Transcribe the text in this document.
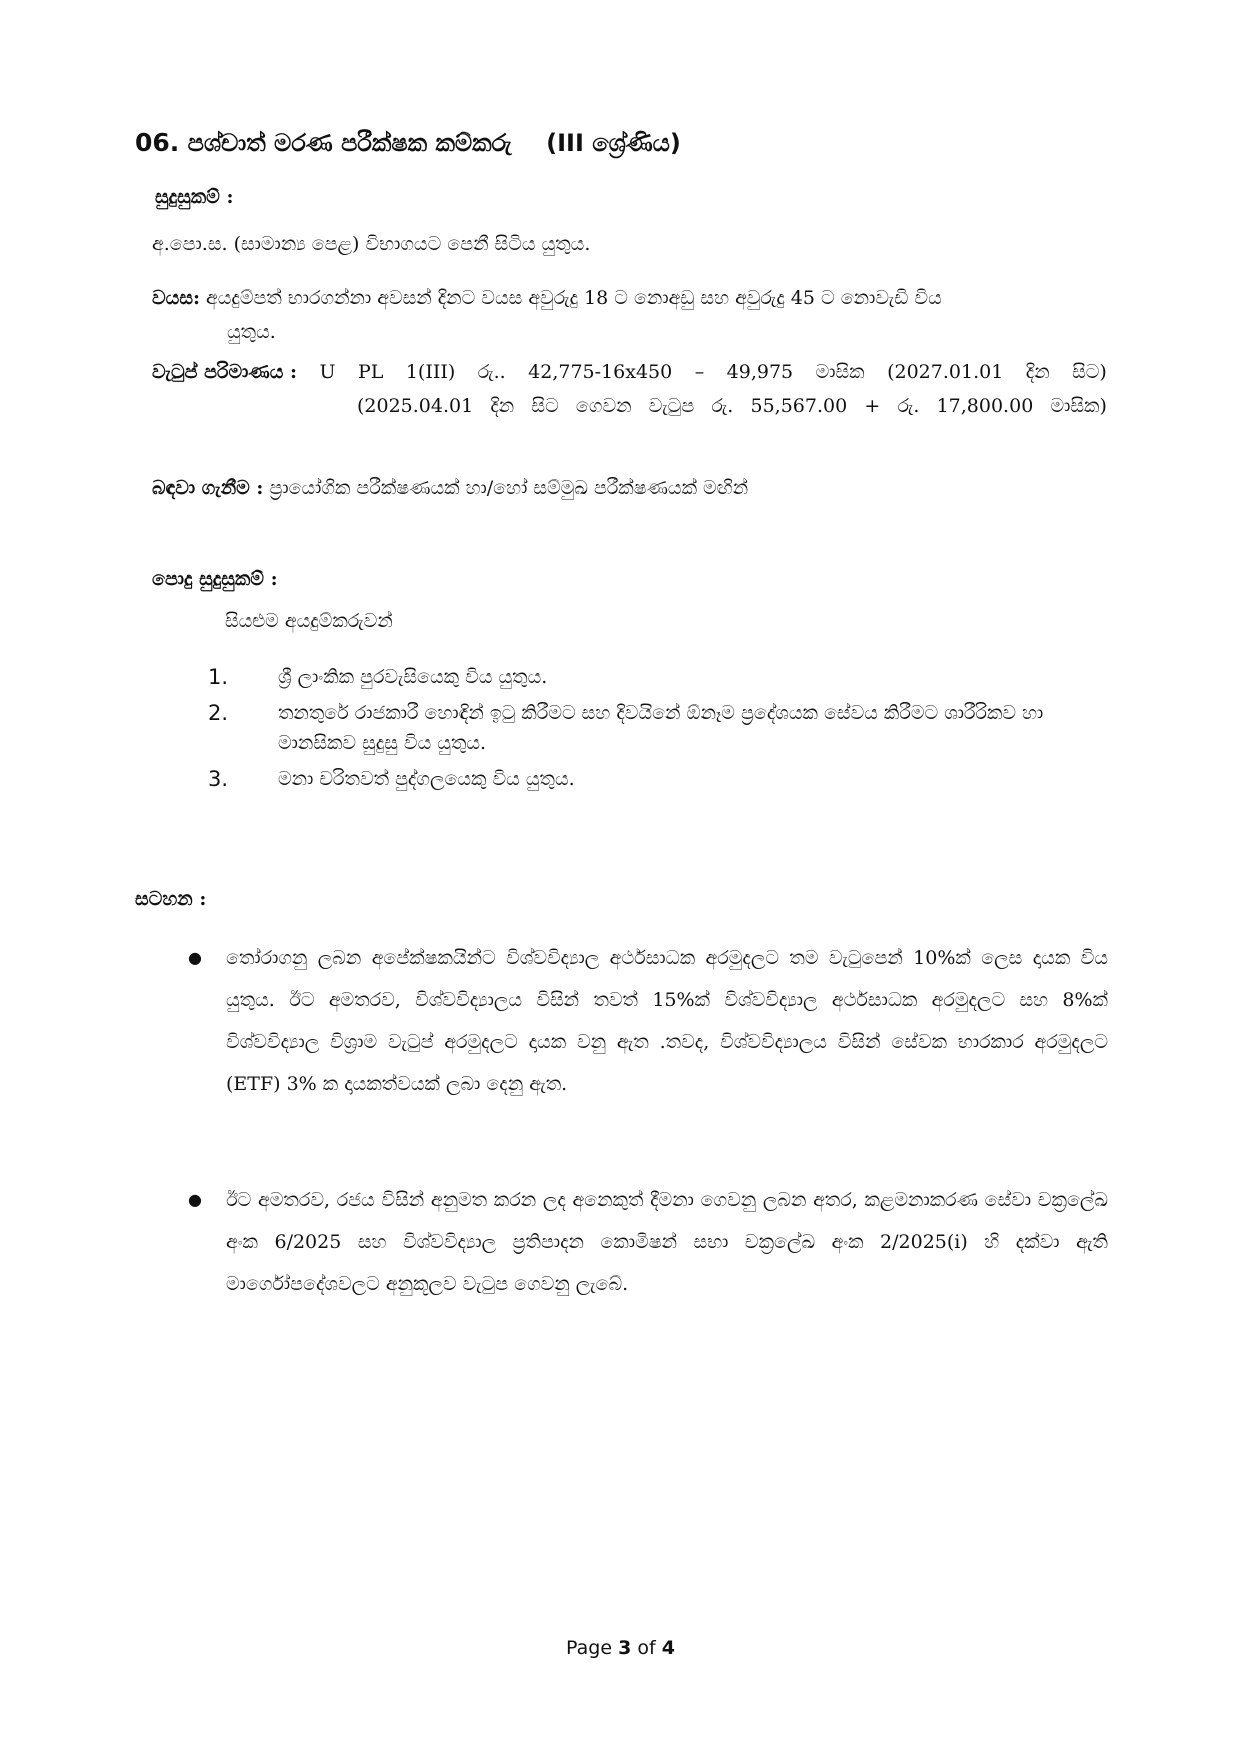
06. පශ්චාත් මරණ පරීක්ෂක කම්කරු (III ශ්‍රේණිය)
සුදුසුකම් :
අ.පො.ස. (සාමාන්‍ය පෙළ) විභාගයට පෙනී සිටිය යුතුය.
වයස: අයදුම්පත් භාරගන්නා අවසන් දිනට වයස අවුරුදු 18 ට නොඅඩු සහ අවුරුදු 45 ට නොවැඩි විය
යුතුය.
වැටුප් පරිමාණය : U PL 1(III) රු.. 42,775-16x450 – 49,975 මාසික (2027.01.01 දින සිට)
(2025.04.01 දින සිට ගෙවන වැටුප රු. 55,567.00 + රු. 17,800.00 මාසික)
බඳවා ගැනීම : ප්‍රායෝගික පරීක්ෂණයක් හා/හෝ සම්මුඛ පරීක්ෂණයක් මඟින්
පොදු සුදුසුකම් :
සියළුම අයදුම්කරුවන්
1.	ශ්‍රී ලාංකික පුරවැසියෙකු විය යුතුය.
2.	තනතුරේ රාජකාරී හොඳින් ඉටු කිරීමට සහ දිවයිනේ ඕනෑම ප්‍රදේශයක සේවය කිරීමට ශාරීරිකව හා මානසිකව සුදුසු විය යුතුය.
3.	මනා චරිතවත් පුද්ගලයෙකු විය යුතුය.
සටහන :
●	තෝරාගනු ලබන අපේක්ෂකයින්ට විශ්වවිද්‍යාල අර්ථසාධක අරමුදලට තම වැටුපෙන් 10%ක් ලෙස දායක විය යුතුය. ඊට අමතරව, විශ්වවිද්‍යාලය විසින් තවත් 15%ක් විශ්වවිද්‍යාල අර්ථසාධක අරමුදලට සහ 8%ක් විශ්වවිද්‍යාල විශ්‍රාම වැටුප් අරමුදලට දායක වනු ඇත .තවද, විශ්වවිද්‍යාලය විසින් සේවක භාරකාර අරමුදලට (ETF) 3% ක දායකත්වයක් ලබා දෙනු ඇත.
●	ඊට අමතරව, රජය විසින් අනුමත කරන ලද අනෙකුත් දීමනා ගෙවනු ලබන අතර, කළමනාකරණ සේවා චක්‍රලේඛ අංක 6/2025 සහ විශ්වවිද්‍යාල ප්‍රතිපාදන කොමිෂන් සභා චක්‍රලේඛ අංක 2/2025(i) හි දක්වා ඇති මාර්ගෝපදේශවලට අනුකූලව වැටුප ගෙවනු ලැබේ.
Page 3 of 4
